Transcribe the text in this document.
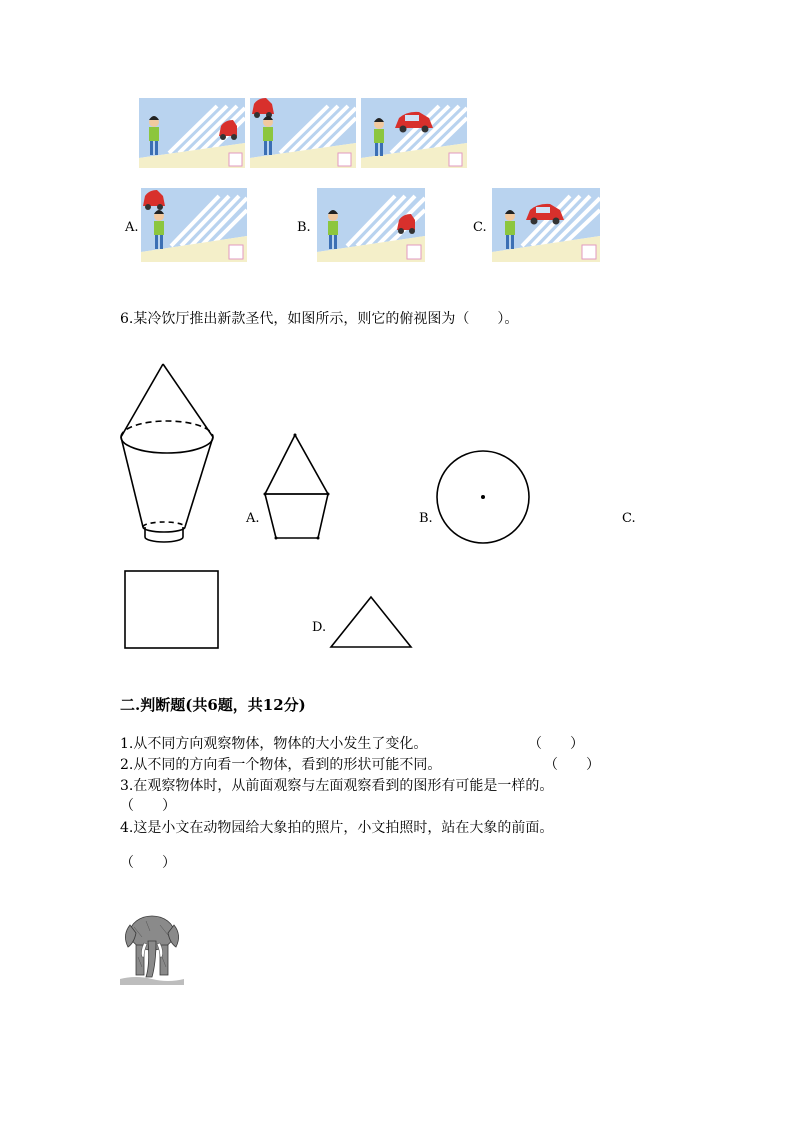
A.	B.	C.
6.某冷饮厅推出新款圣代，如图所示，则它的俯视图为（　　）。
A.	B.	C.
D.
二.判断题(共6题，共12分)
1.从不同方向观察物体，物体的大小发生了变化。	（　　）
2.从不同的方向看一个物体，看到的形状可能不同。	（　　）
3.在观察物体时，从前面观察与左面观察看到的图形有可能是一样的。
（　　）
4.这是小文在动物园给大象拍的照片，小文拍照时，站在大象的前面。
（　　）
